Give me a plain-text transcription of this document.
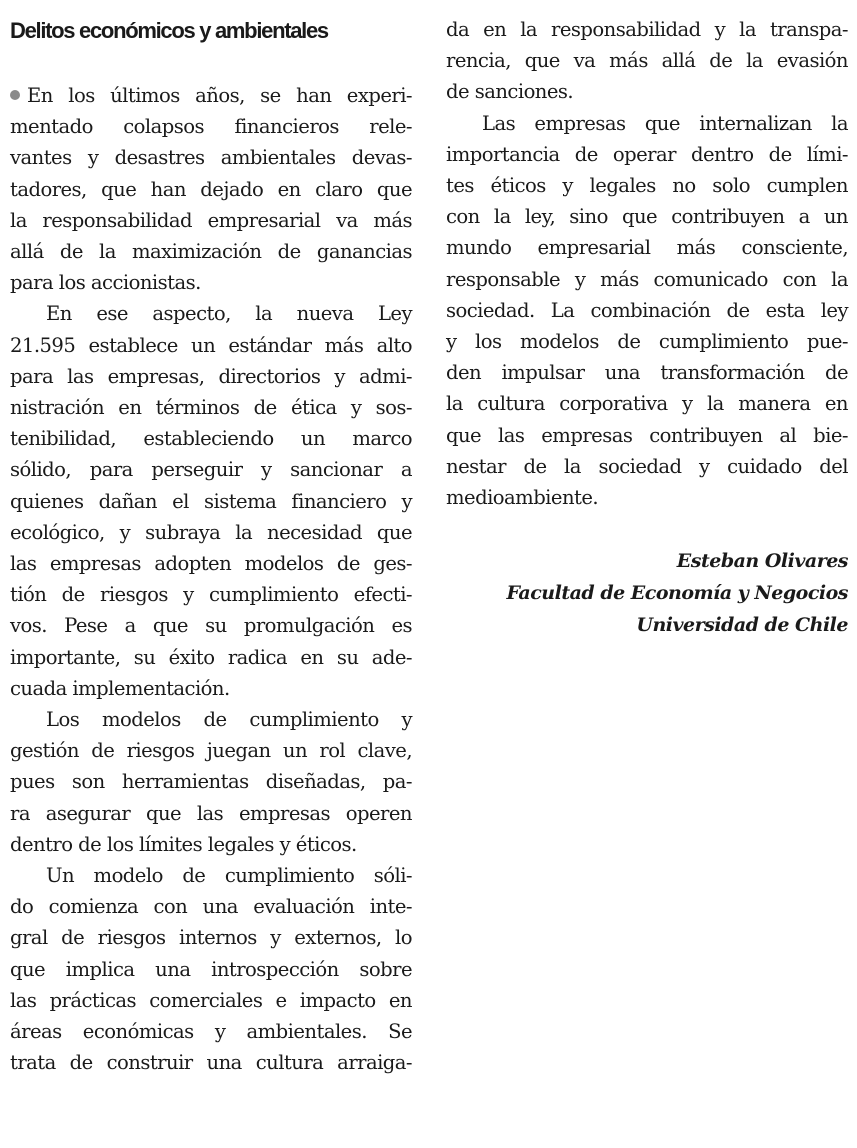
Delitos económicos y ambientales
En los últimos años, se han experi-
mentado colapsos financieros rele-
vantes y desastres ambientales devas-
tadores, que han dejado en claro que
la responsabilidad empresarial va más
allá de la maximización de ganancias
para los accionistas.
En ese aspecto, la nueva Ley
21.595 establece un estándar más alto
para las empresas, directorios y admi-
nistración en términos de ética y sos-
tenibilidad, estableciendo un marco
sólido, para perseguir y sancionar a
quienes dañan el sistema financiero y
ecológico, y subraya la necesidad que
las empresas adopten modelos de ges-
tión de riesgos y cumplimiento efecti-
vos. Pese a que su promulgación es
importante, su éxito radica en su ade-
cuada implementación.
Los modelos de cumplimiento y
gestión de riesgos juegan un rol clave,
pues son herramientas diseñadas, pa-
ra asegurar que las empresas operen
dentro de los límites legales y éticos.
Un modelo de cumplimiento sóli-
do comienza con una evaluación inte-
gral de riesgos internos y externos, lo
que implica una introspección sobre
las prácticas comerciales e impacto en
áreas económicas y ambientales. Se
trata de construir una cultura arraiga-
da en la responsabilidad y la transpa-
rencia, que va más allá de la evasión
de sanciones.
Las empresas que internalizan la
importancia de operar dentro de lími-
tes éticos y legales no solo cumplen
con la ley, sino que contribuyen a un
mundo empresarial más consciente,
responsable y más comunicado con la
sociedad. La combinación de esta ley
y los modelos de cumplimiento pue-
den impulsar una transformación de
la cultura corporativa y la manera en
que las empresas contribuyen al bie-
nestar de la sociedad y cuidado del
medioambiente.
Esteban Olivares
Facultad de Economía y Negocios
Universidad de Chile
